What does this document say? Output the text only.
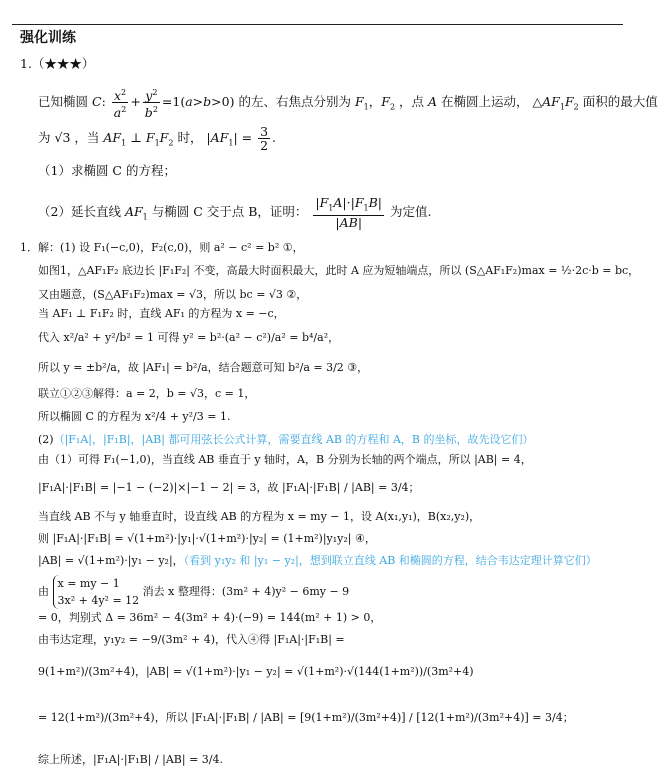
强化训练
1.（★★★）
已知椭圆 C: $\frac{x^2}{a^2} + \frac{y^2}{b^2} =1(a>b>0)$ 的左、右焦点分别为 $F_1$，$F_2$ ，点 A 在椭圆上运动， $\triangle AF_1F_2$ 面积的最大值
为 √3 ，当 $AF_1$ ⊥ $F_1F_2$ 时， $|AF_1| = \frac{3}{2}$ .
（1）求椭圆 C 的方程；
（2）延长直线 $AF_1$ 与椭圆 C 交于点 B，证明： $\frac{|F_1A|\cdot|F_1B|}{|AB|}$ 为定值.
1．解：(1) 设 F₁(−c,0)，F₂(c,0)，则 a² − c² = b² ①，
如图1，△AF₁F₂ 底边长 |F₁F₂| 不变，高最大时面积最大，此时 A 应为短轴端点，所以 (S△AF₁F₂)max = ½·2c·b = bc，
又由题意，(S△AF₁F₂)max = √3，所以 bc = √3 ②，
当 AF₁ ⊥ F₁F₂ 时，直线 AF₁ 的方程为 x = −c，
代入 x²/a² + y²/b² = 1 可得 y² = b²·(a² − c²)/a² = b⁴/a²，
所以 y = ±b²/a，故 |AF₁| = b²/a，结合题意可知 b²/a = 3/2 ③，
联立①②③解得：a = 2，b = √3，c = 1，
所以椭圆 C 的方程为 x²/4 + y²/3 = 1.
(2)（|F₁A|，|F₁B|，|AB| 都可用弦长公式计算，需要直线 AB 的方程和 A，B 的坐标，故先设它们）
由（1）可得 F₁(−1,0)，当直线 AB 垂直于 y 轴时，A，B 分别为长轴的两个端点，所以 |AB| = 4，
|F₁A|·|F₁B| = |−1 − (−2)|×|−1 − 2| = 3，故 |F₁A|·|F₁B| / |AB| = 3/4；
当直线 AB 不与 y 轴垂直时，设直线 AB 的方程为 x = my − 1，设 A(x₁,y₁)，B(x₂,y₂)，
则 |F₁A|·|F₁B| = √(1+m²)·|y₁|·√(1+m²)·|y₂| = (1+m²)|y₁y₂| ④，
|AB| = √(1+m²)·|y₁ − y₂|，（看到 y₁y₂ 和 |y₁ − y₂|，想到联立直线 AB 和椭圆的方程，结合韦达定理计算它们）
由
x = my − 1
3x² + 4y² = 12
消去 x 整理得：(3m² + 4)y² − 6my − 9
= 0，判别式 Δ = 36m² − 4(3m² + 4)·(−9) = 144(m² + 1) > 0，
由韦达定理，y₁y₂ = −9/(3m² + 4)，代入④得 |F₁A|·|F₁B| =
9(1+m²)/(3m²+4)，|AB| = √(1+m²)·|y₁ − y₂| = √(1+m²)·√(144(1+m²))/(3m²+4)
= 12(1+m²)/(3m²+4)，所以 |F₁A|·|F₁B| / |AB| = [9(1+m²)/(3m²+4)] / [12(1+m²)/(3m²+4)] = 3/4；
综上所述，|F₁A|·|F₁B| / |AB| = 3/4.
